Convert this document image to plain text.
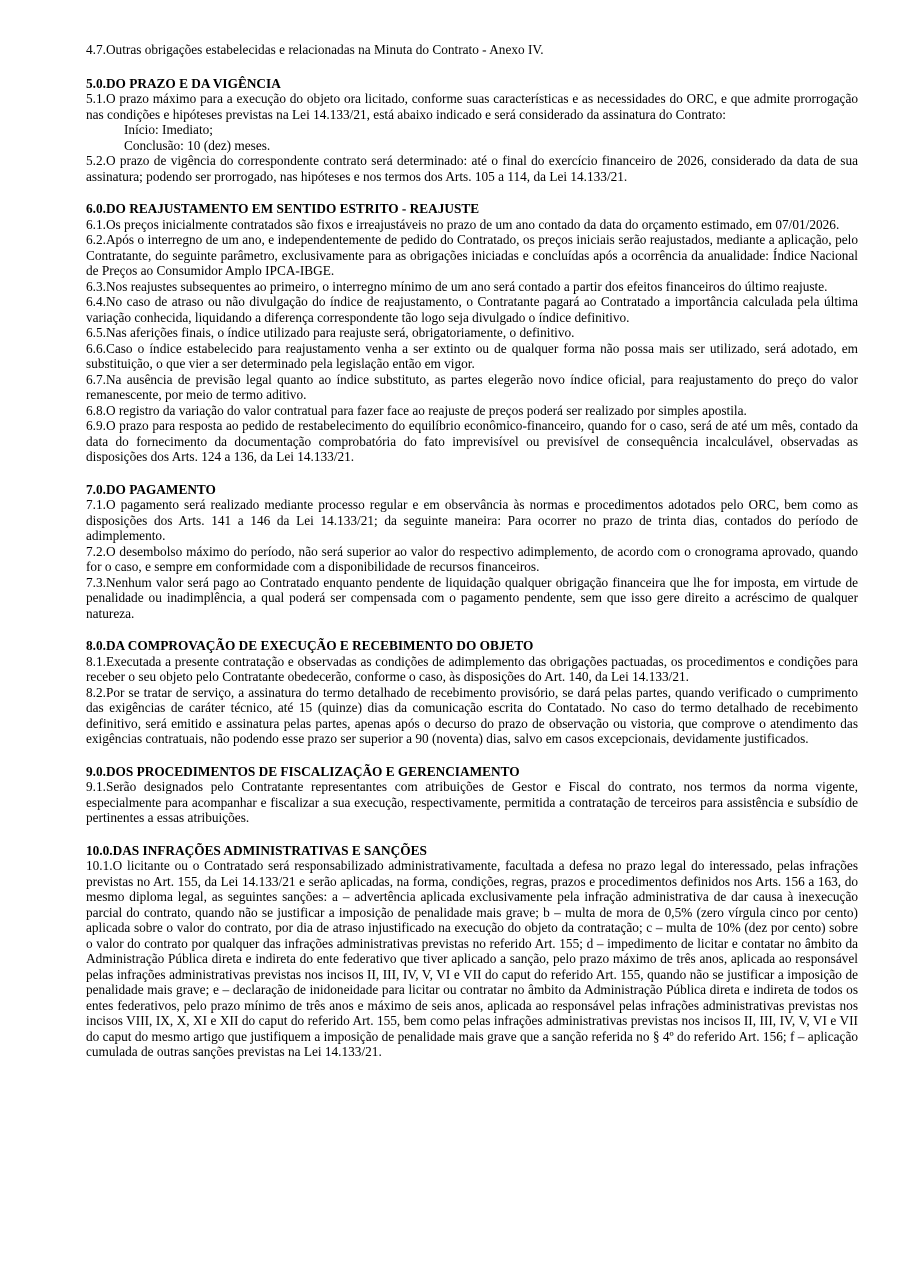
4.7.Outras obrigações estabelecidas e relacionadas na Minuta do Contrato - Anexo IV.

5.0.DO PRAZO E DA VIGÊNCIA

5.1.O prazo máximo para a execução do objeto ora licitado, conforme suas características e as necessidades do ORC, e que admite prorrogação nas condições e hipóteses previstas na Lei 14.133/21, está abaixo indicado e será considerado da assinatura do Contrato:

Início: Imediato;

Conclusão: 10 (dez) meses.

5.2.O prazo de vigência do correspondente contrato será determinado: até o final do exercício financeiro de 2026, considerado da data de sua assinatura; podendo ser prorrogado, nas hipóteses e nos termos dos Arts. 105 a 114, da Lei 14.133/21.

6.0.DO REAJUSTAMENTO EM SENTIDO ESTRITO - REAJUSTE

6.1.Os preços inicialmente contratados são fixos e irreajustáveis no prazo de um ano contado da data do orçamento estimado, em 07/01/2026.

6.2.Após o interregno de um ano, e independentemente de pedido do Contratado, os preços iniciais serão reajustados, mediante a aplicação, pelo Contratante, do seguinte parâmetro, exclusivamente para as obrigações iniciadas e concluídas após a ocorrência da anualidade: Índice Nacional de Preços ao Consumidor Amplo IPCA-IBGE.

6.3.Nos reajustes subsequentes ao primeiro, o interregno mínimo de um ano será contado a partir dos efeitos financeiros do último reajuste.

6.4.No caso de atraso ou não divulgação do índice de reajustamento, o Contratante pagará ao Contratado a importância calculada pela última variação conhecida, liquidando a diferença correspondente tão logo seja divulgado o índice definitivo.

6.5.Nas aferições finais, o índice utilizado para reajuste será, obrigatoriamente, o definitivo.

6.6.Caso o índice estabelecido para reajustamento venha a ser extinto ou de qualquer forma não possa mais ser utilizado, será adotado, em substituição, o que vier a ser determinado pela legislação então em vigor.

6.7.Na ausência de previsão legal quanto ao índice substituto, as partes elegerão novo índice oficial, para reajustamento do preço do valor remanescente, por meio de termo aditivo.

6.8.O registro da variação do valor contratual para fazer face ao reajuste de preços poderá ser realizado por simples apostila.

6.9.O prazo para resposta ao pedido de restabelecimento do equilíbrio econômico-financeiro, quando for o caso, será de até um mês, contado da data do fornecimento da documentação comprobatória do fato imprevisível ou previsível de consequência incalculável, observadas as disposições dos Arts. 124 a 136, da Lei 14.133/21.

7.0.DO PAGAMENTO

7.1.O pagamento será realizado mediante processo regular e em observância às normas e procedimentos adotados pelo ORC, bem como as disposições dos Arts. 141 a 146 da Lei 14.133/21; da seguinte maneira: Para ocorrer no prazo de trinta dias, contados do período de adimplemento.

7.2.O desembolso máximo do período, não será superior ao valor do respectivo adimplemento, de acordo com o cronograma aprovado, quando for o caso, e sempre em conformidade com a disponibilidade de recursos financeiros.

7.3.Nenhum valor será pago ao Contratado enquanto pendente de liquidação qualquer obrigação financeira que lhe for imposta, em virtude de penalidade ou inadimplência, a qual poderá ser compensada com o pagamento pendente, sem que isso gere direito a acréscimo de qualquer natureza.

8.0.DA COMPROVAÇÃO DE EXECUÇÃO E RECEBIMENTO DO OBJETO

8.1.Executada a presente contratação e observadas as condições de adimplemento das obrigações pactuadas, os procedimentos e condições para receber o seu objeto pelo Contratante obedecerão, conforme o caso, às disposições do Art. 140, da Lei 14.133/21.

8.2.Por se tratar de serviço, a assinatura do termo detalhado de recebimento provisório, se dará pelas partes, quando verificado o cumprimento das exigências de caráter técnico, até 15 (quinze) dias da comunicação escrita do Contatado. No caso do termo detalhado de recebimento definitivo, será emitido e assinatura pelas partes, apenas após o decurso do prazo de observação ou vistoria, que comprove o atendimento das exigências contratuais, não podendo esse prazo ser superior a 90 (noventa) dias, salvo em casos excepcionais, devidamente justificados.

9.0.DOS PROCEDIMENTOS DE FISCALIZAÇÃO E GERENCIAMENTO

9.1.Serão designados pelo Contratante representantes com atribuições de Gestor e Fiscal do contrato, nos termos da norma vigente, especialmente para acompanhar e fiscalizar a sua execução, respectivamente, permitida a contratação de terceiros para assistência e subsídio de pertinentes a essas atribuições.

10.0.DAS INFRAÇÕES ADMINISTRATIVAS E SANÇÕES

10.1.O licitante ou o Contratado será responsabilizado administrativamente, facultada a defesa no prazo legal do interessado, pelas infrações previstas no Art. 155, da Lei 14.133/21 e serão aplicadas, na forma, condições, regras, prazos e procedimentos definidos nos Arts. 156 a 163, do mesmo diploma legal, as seguintes sanções: a – advertência aplicada exclusivamente pela infração administrativa de dar causa à inexecução parcial do contrato, quando não se justificar a imposição de penalidade mais grave; b – multa de mora de 0,5% (zero vírgula cinco por cento) aplicada sobre o valor do contrato, por dia de atraso injustificado na execução do objeto da contratação; c – multa de 10% (dez por cento) sobre o valor do contrato por qualquer das infrações administrativas previstas no referido Art. 155; d – impedimento de licitar e contatar no âmbito da Administração Pública direta e indireta do ente federativo que tiver aplicado a sanção, pelo prazo máximo de três anos, aplicada ao responsável pelas infrações administrativas previstas nos incisos II, III, IV, V, VI e VII do caput do referido Art. 155, quando não se justificar a imposição de penalidade mais grave; e – declaração de inidoneidade para licitar ou contratar no âmbito da Administração Pública direta e indireta de todos os entes federativos, pelo prazo mínimo de três anos e máximo de seis anos, aplicada ao responsável pelas infrações administrativas previstas nos incisos VIII, IX, X, XI e XII do caput do referido Art. 155, bem como pelas infrações administrativas previstas nos incisos II, III, IV, V, VI e VII do caput do mesmo artigo que justifiquem a imposição de penalidade mais grave que a sanção referida no § 4º do referido Art. 156; f – aplicação cumulada de outras sanções previstas na Lei 14.133/21.
